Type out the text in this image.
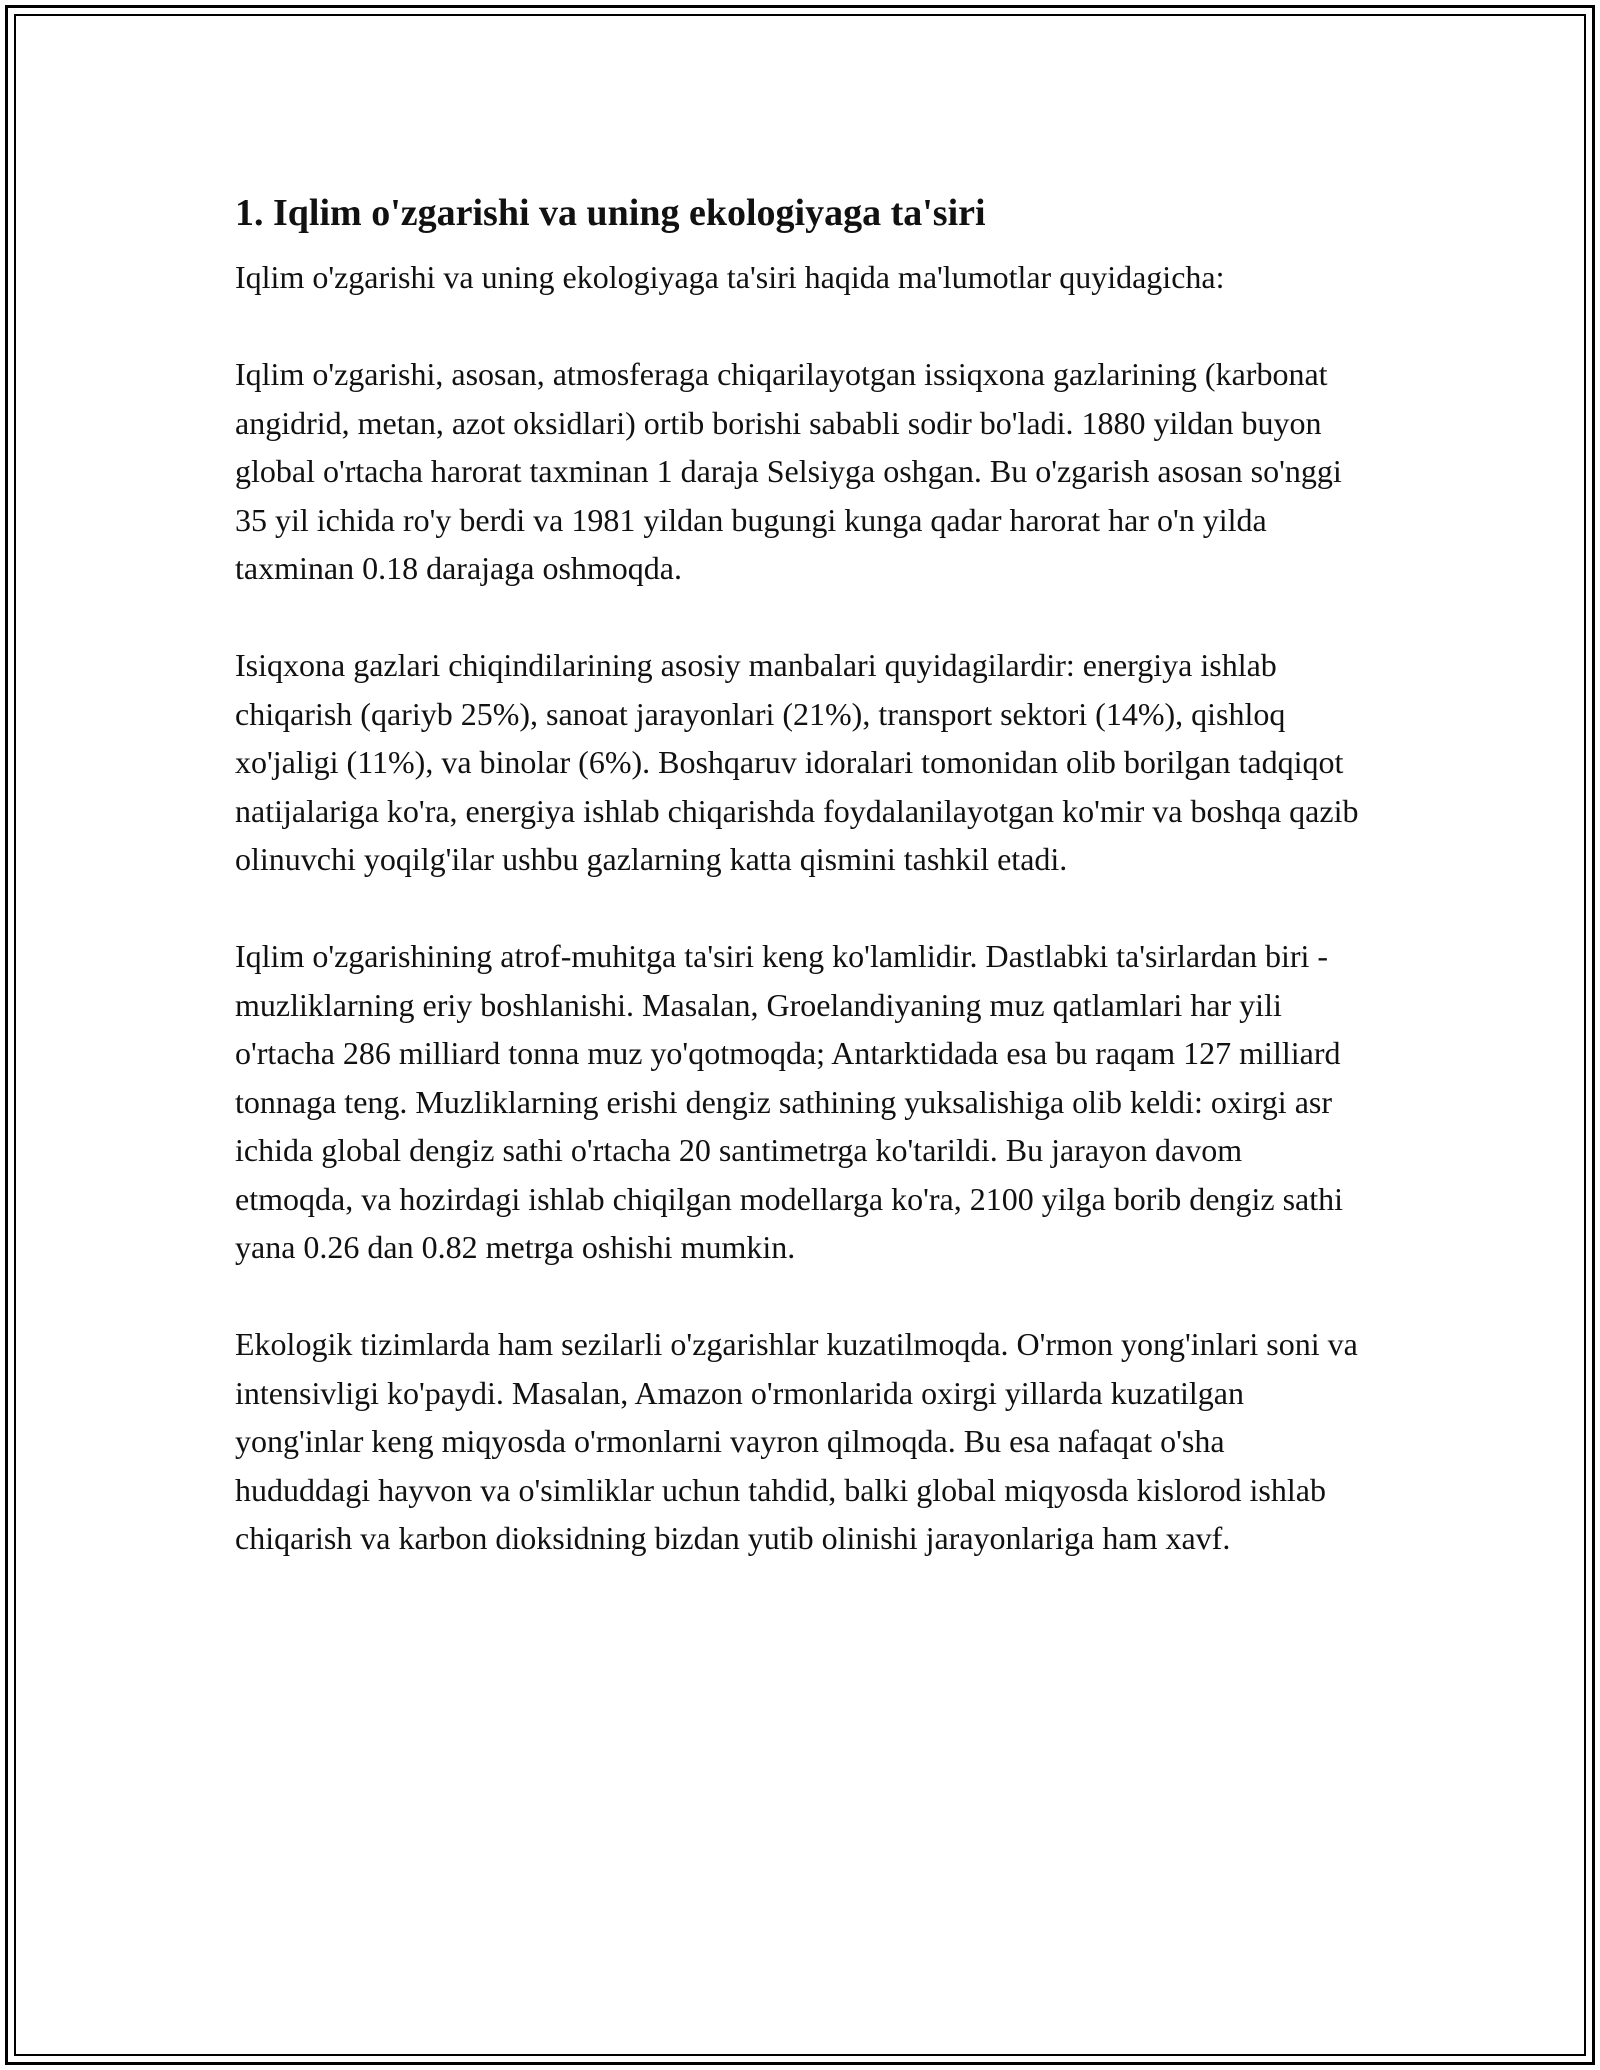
1. Iqlim o'zgarishi va uning ekologiyaga ta'siri

Iqlim o'zgarishi va uning ekologiyaga ta'siri haqida ma'lumotlar quyidagicha:

Iqlim o'zgarishi, asosan, atmosferaga chiqarilayotgan issiqxona gazlarining (karbonat angidrid, metan, azot oksidlari) ortib borishi sababli sodir bo'ladi. 1880 yildan buyon global o'rtacha harorat taxminan 1 daraja Selsiyga oshgan. Bu o'zgarish asosan so'nggi 35 yil ichida ro'y berdi va 1981 yildan bugungi kunga qadar harorat har o'n yilda taxminan 0.18 darajaga oshmoqda.

Isiqxona gazlari chiqindilarining asosiy manbalari quyidagilardir: energiya ishlab chiqarish (qariyb 25%), sanoat jarayonlari (21%), transport sektori (14%), qishloq xo'jaligi (11%), va binolar (6%). Boshqaruv idoralari tomonidan olib borilgan tadqiqot natijalariga ko'ra, energiya ishlab chiqarishda foydalanilayotgan ko'mir va boshqa qazib olinuvchi yoqilg'ilar ushbu gazlarning katta qismini tashkil etadi.

Iqlim o'zgarishining atrof-muhitga ta'siri keng ko'lamlidir. Dastlabki ta'sirlardan biri - muzliklarning eriy boshlanishi. Masalan, Groelandiyaning muz qatlamlari har yili o'rtacha 286 milliard tonna muz yo'qotmoqda; Antarktidada esa bu raqam 127 milliard tonnaga teng. Muzliklarning erishi dengiz sathining yuksalishiga olib keldi: oxirgi asr ichida global dengiz sathi o'rtacha 20 santimetrga ko'tarildi. Bu jarayon davom etmoqda, va hozirdagi ishlab chiqilgan modellarga ko'ra, 2100 yilga borib dengiz sathi yana 0.26 dan 0.82 metrga oshishi mumkin.

Ekologik tizimlarda ham sezilarli o'zgarishlar kuzatilmoqda. O'rmon yong'inlari soni va intensivligi ko'paydi. Masalan, Amazon o'rmonlarida oxirgi yillarda kuzatilgan yong'inlar keng miqyosda o'rmonlarni vayron qilmoqda. Bu esa nafaqat o'sha hududdagi hayvon va o'simliklar uchun tahdid, balki global miqyosda kislorod ishlab chiqarish va karbon dioksidning bizdan yutib olinishi jarayonlariga ham xavf.
